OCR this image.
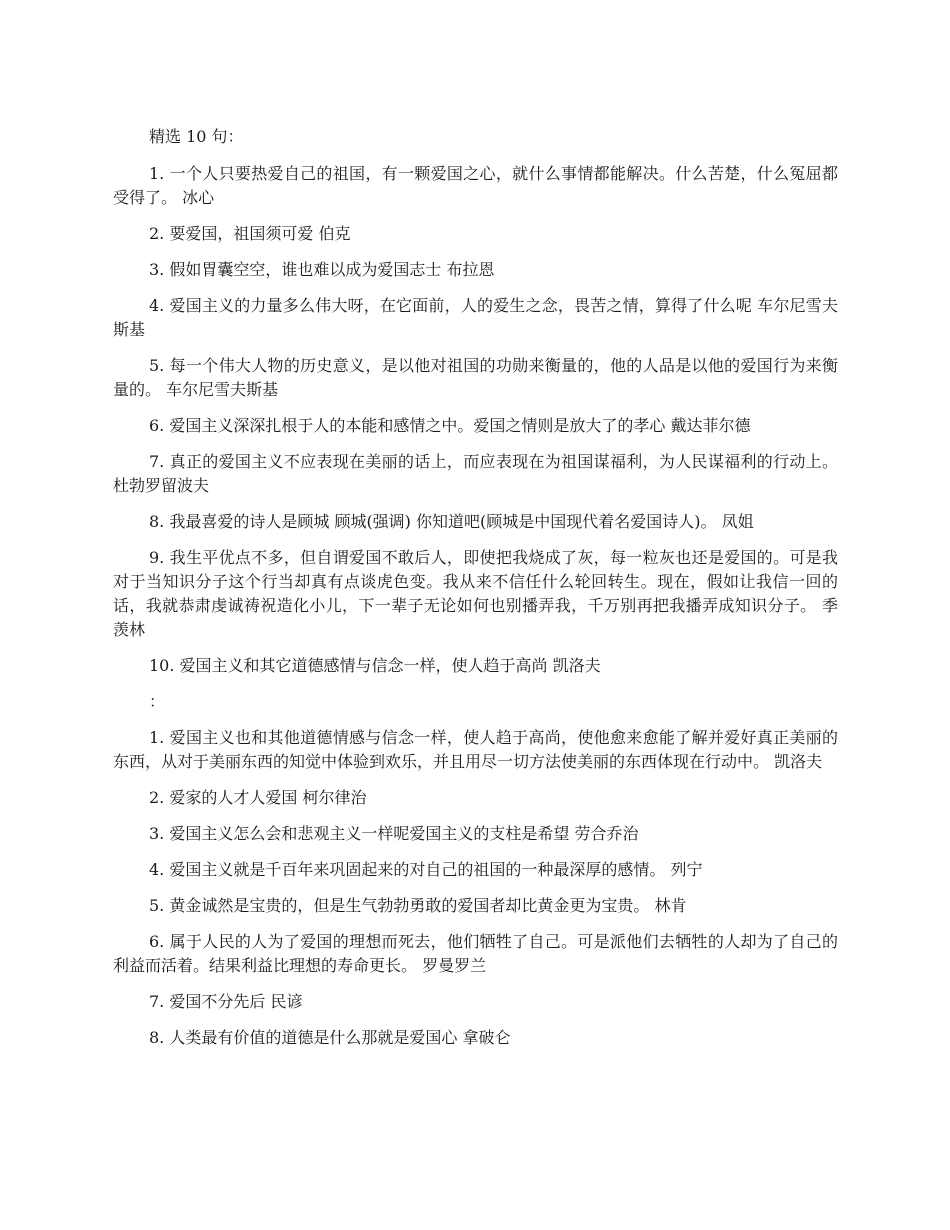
精选 10 句：

1. 一个人只要热爱自己的祖国，有一颗爱国之心，就什么事情都能解决。什么苦楚，什么冤屈都受得了。 冰心

2. 要爱国，祖国须可爱 伯克

3. 假如胃囊空空，谁也难以成为爱国志士 布拉恩

4. 爱国主义的力量多么伟大呀，在它面前，人的爱生之念，畏苦之情，算得了什么呢 车尔尼雪夫斯基

5. 每一个伟大人物的历史意义，是以他对祖国的功勋来衡量的，他的人品是以他的爱国行为来衡量的。 车尔尼雪夫斯基

6. 爱国主义深深扎根于人的本能和感情之中。爱国之情则是放大了的孝心 戴达菲尔德

7. 真正的爱国主义不应表现在美丽的话上，而应表现在为祖国谋福利，为人民谋福利的行动上。 杜勃罗留波夫

8. 我最喜爱的诗人是顾城 顾城(强调) 你知道吧(顾城是中国现代着名爱国诗人)。 凤姐

9. 我生平优点不多，但自谓爱国不敢后人，即使把我烧成了灰，每一粒灰也还是爱国的。可是我对于当知识分子这个行当却真有点谈虎色变。我从来不信任什么轮回转生。现在，假如让我信一回的话，我就恭肃虔诚祷祝造化小儿，下一辈子无论如何也别播弄我，千万别再把我播弄成知识分子。 季羡林

10. 爱国主义和其它道德感情与信念一样，使人趋于高尚 凯洛夫

：

1. 爱国主义也和其他道德情感与信念一样，使人趋于高尚，使他愈来愈能了解并爱好真正美丽的东西，从对于美丽东西的知觉中体验到欢乐，并且用尽一切方法使美丽的东西体现在行动中。 凯洛夫

2. 爱家的人才人爱国 柯尔律治

3. 爱国主义怎么会和悲观主义一样呢爱国主义的支柱是希望 劳合乔治

4. 爱国主义就是千百年来巩固起来的对自己的祖国的一种最深厚的感情。 列宁

5. 黄金诚然是宝贵的，但是生气勃勃勇敢的爱国者却比黄金更为宝贵。 林肯

6. 属于人民的人为了爱国的理想而死去，他们牺牲了自己。可是派他们去牺牲的人却为了自己的利益而活着。结果利益比理想的寿命更长。 罗曼罗兰

7. 爱国不分先后 民谚

8. 人类最有价值的道德是什么那就是爱国心 拿破仑
